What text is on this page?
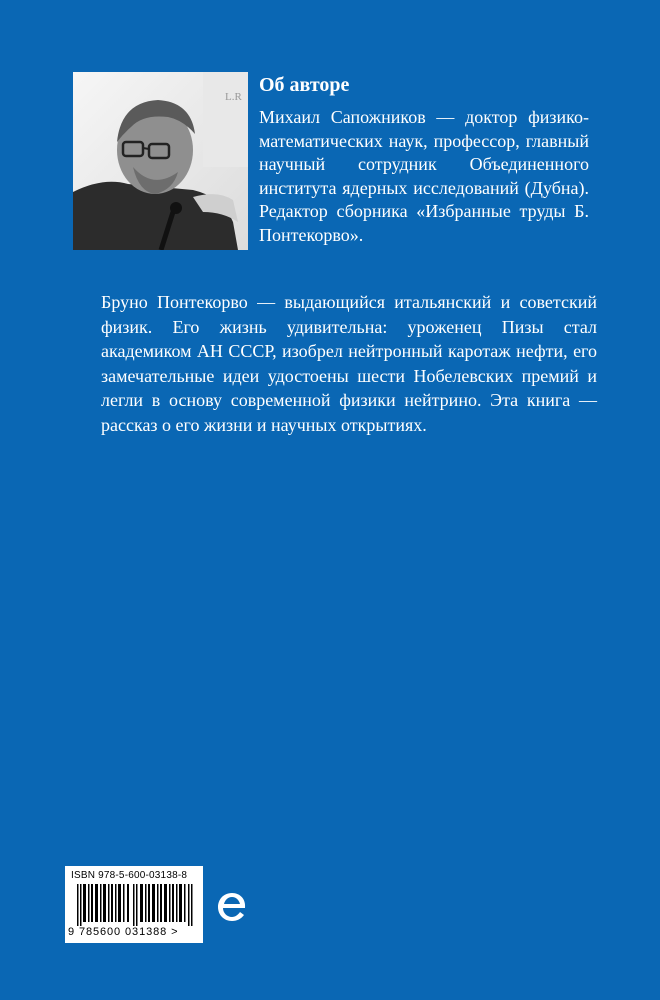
L.R
Об авторе

Михаил Сапожников — доктор физико-математических наук, профессор, главный научный сотрудник Объединенного института ядерных исследований (Дубна). Редактор сборника «Избранные труды Б. Понтекорво».

Бруно Понтекорво — выдающийся итальянский и советский физик. Его жизнь удивительна: уроженец Пизы стал академиком АН СССР, изобрел нейтронный каротаж нефти, его замечательные идеи удостоены шести Нобелевских премий и легли в основу современной физики нейтрино. Эта книга — рассказ о его жизни и научных открытиях.

ISBN 978-5-600-03138-8
9 785600 031388 >
